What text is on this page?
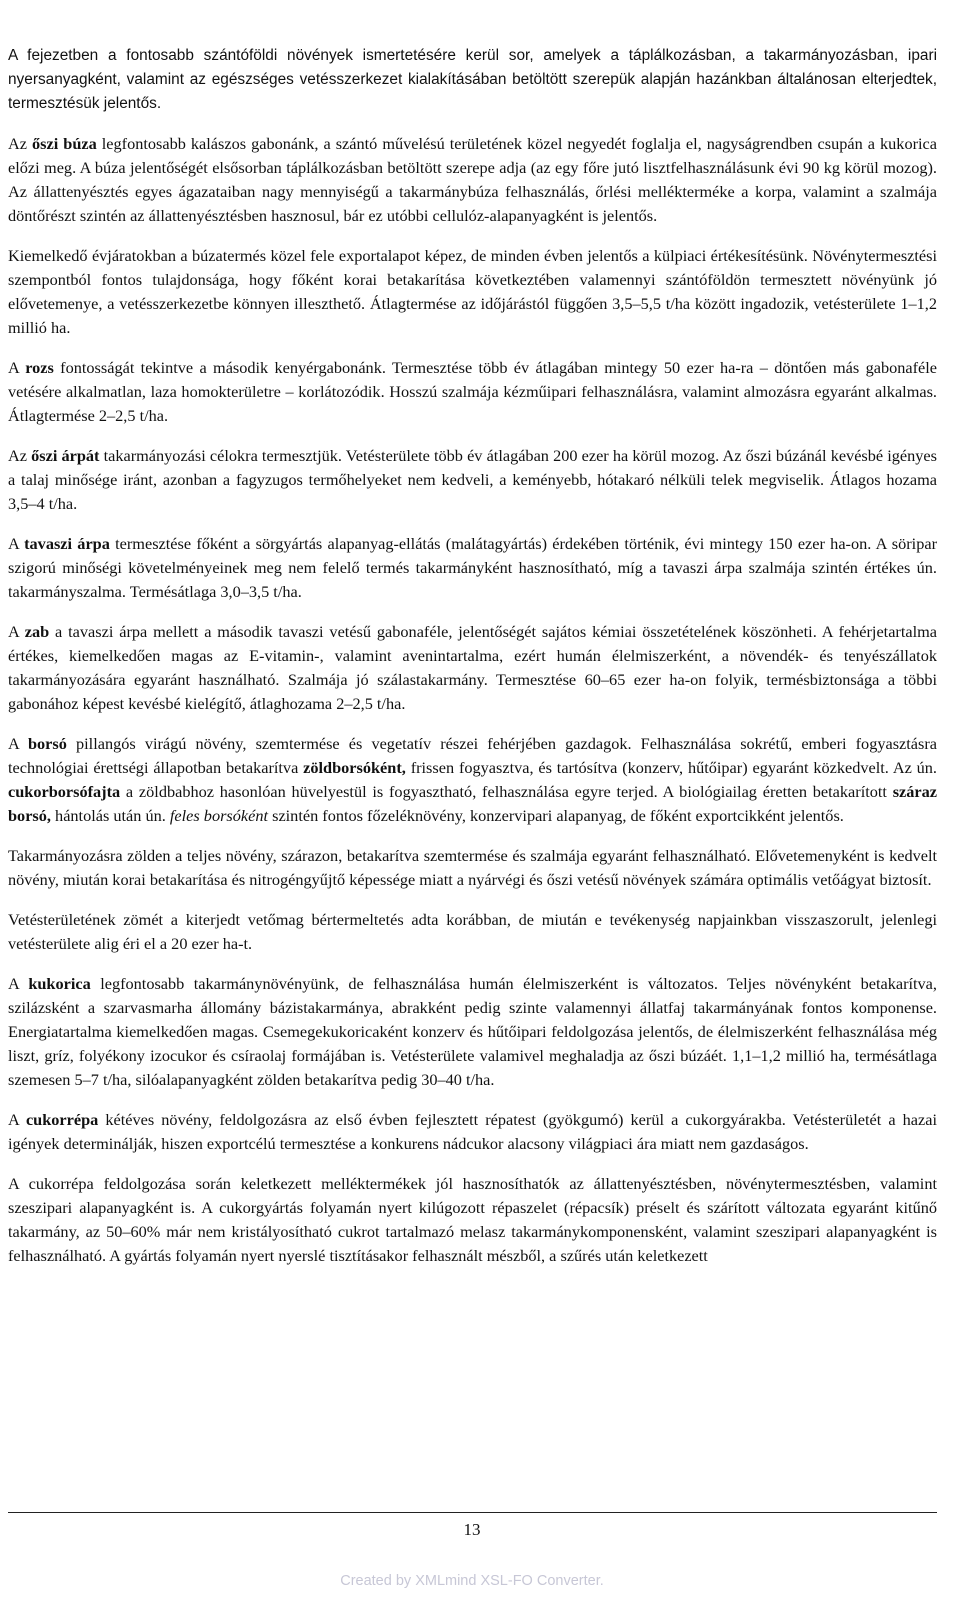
A fejezetben a fontosabb szántóföldi növények ismertetésére kerül sor, amelyek a táplálkozásban, a takarmányozásban, ipari nyersanyagként, valamint az egészséges vetésszerkezet kialakításában betöltött szerepük alapján hazánkban általánosan elterjedtek, termesztésük jelentős.

Az őszi búza legfontosabb kalászos gabonánk, a szántó művelésú területének közel negyedét foglalja el, nagyságrendben csupán a kukorica előzi meg. A búza jelentőségét elsősorban táplálkozásban betöltött szerepe adja (az egy főre jutó lisztfelhasználásunk évi 90 kg körül mozog). Az állattenyésztés egyes ágazataiban nagy mennyiségű a takarmánybúza felhasználás, őrlési mellékterméke a korpa, valamint a szalmája döntőrészt szintén az állattenyésztésben hasznosul, bár ez utóbbi cellulóz-alapanyagként is jelentős.

Kiemelkedő évjáratokban a búzatermés közel fele exportalapot képez, de minden évben jelentős a külpiaci értékesítésünk. Növénytermesztési szempontból fontos tulajdonsága, hogy főként korai betakarítása következtében valamennyi szántóföldön termesztett növényünk jó elővetemenye, a vetésszerkezetbe könnyen illeszthető. Átlagtermése az időjárástól függően 3,5–5,5 t/ha között ingadozik, vetésterülete 1–1,2 millió ha.

A rozs fontosságát tekintve a második kenyérgabonánk. Termesztése több év átlagában mintegy 50 ezer ha-ra – döntően más gabonaféle vetésére alkalmatlan, laza homokterületre – korlátozódik. Hosszú szalmája kézműipari felhasználásra, valamint almozásra egyaránt alkalmas. Átlagtermése 2–2,5 t/ha.

Az őszi árpát takarmányozási célokra termesztjük. Vetésterülete több év átlagában 200 ezer ha körül mozog. Az őszi búzánál kevésbé igényes a talaj minősége iránt, azonban a fagyzugos termőhelyeket nem kedveli, a keményebb, hótakaró nélküli telek megviselik. Átlagos hozama 3,5–4 t/ha.

A tavaszi árpa termesztése főként a sörgyártás alapanyag-ellátás (malátagyártás) érdekében történik, évi mintegy 150 ezer ha-on. A söripar szigorú minőségi követelményeinek meg nem felelő termés takarmányként hasznosítható, míg a tavaszi árpa szalmája szintén értékes ún. takarmányszalma. Termésátlaga 3,0–3,5 t/ha.

A zab a tavaszi árpa mellett a második tavaszi vetésű gabonaféle, jelentőségét sajátos kémiai összetételének köszönheti. A fehérjetartalma értékes, kiemelkedően magas az E-vitamin-, valamint avenintartalma, ezért humán élelmiszerként, a növendék- és tenyészállatok takarmányozására egyaránt használható. Szalmája jó szálastakarmány. Termesztése 60–65 ezer ha-on folyik, termésbiztonsága a többi gabonához képest kevésbé kielégítő, átlaghozama 2–2,5 t/ha.

A borsó pillangós virágú növény, szemtermése és vegetatív részei fehérjében gazdagok. Felhasználása sokrétű, emberi fogyasztásra technológiai érettségi állapotban betakarítva zöldborsóként, frissen fogyasztva, és tartósítva (konzerv, hűtőipar) egyaránt közkedvelt. Az ún. cukorborsófajta a zöldbabhoz hasonlóan hüvelyestül is fogyasztható, felhasználása egyre terjed. A biológiailag éretten betakarított száraz borsó, hántolás után ún. feles borsóként szintén fontos főzeléknövény, konzervipari alapanyag, de főként exportcikként jelentős.

Takarmányozásra zölden a teljes növény, szárazon, betakarítva szemtermése és szalmája egyaránt felhasználható. Elővetemenyként is kedvelt növény, miután korai betakarítása és nitrogéngyűjtő képessége miatt a nyárvégi és őszi vetésű növények számára optimális vetőágyat biztosít.

Vetésterületének zömét a kiterjedt vetőmag bértermeltetés adta korábban, de miután e tevékenység napjainkban visszaszorult, jelenlegi vetésterülete alig éri el a 20 ezer ha-t.

A kukorica legfontosabb takarmánynövényünk, de felhasználása humán élelmiszerként is változatos. Teljes növényként betakarítva, szilázsként a szarvasmarha állomány bázistakarmánya, abrakként pedig szinte valamennyi állatfaj takarmányának fontos komponense. Energiatartalma kiemelkedően magas. Csemegekukoricaként konzerv és hűtőipari feldolgozása jelentős, de élelmiszerként felhasználása még liszt, gríz, folyékony izocukor és csíraolaj formájában is. Vetésterülete valamivel meghaladja az őszi búzáét. 1,1–1,2 millió ha, termésátlaga szemesen 5–7 t/ha, silóalapanyagként zölden betakarítva pedig 30–40 t/ha.

A cukorrépa kétéves növény, feldolgozásra az első évben fejlesztett répatest (gyökgumó) kerül a cukorgyárakba. Vetésterületét a hazai igények determinálják, hiszen exportcélú termesztése a konkurens nádcukor alacsony világpiaci ára miatt nem gazdaságos.

A cukorrépa feldolgozása során keletkezett melléktermékek jól hasznosíthatók az állattenyésztésben, növénytermesztésben, valamint szeszipari alapanyagként is. A cukorgyártás folyamán nyert kilúgozott répaszelet (répacsík) préselt és szárított változata egyaránt kitűnő takarmány, az 50–60% már nem kristályosítható cukrot tartalmazó melasz takarmánykomponensként, valamint szeszipari alapanyagként is felhasználható. A gyártás folyamán nyert nyerslé tisztításakor felhasznált mészből, a szűrés után keletkezett

13
Created by XMLmind XSL-FO Converter.
